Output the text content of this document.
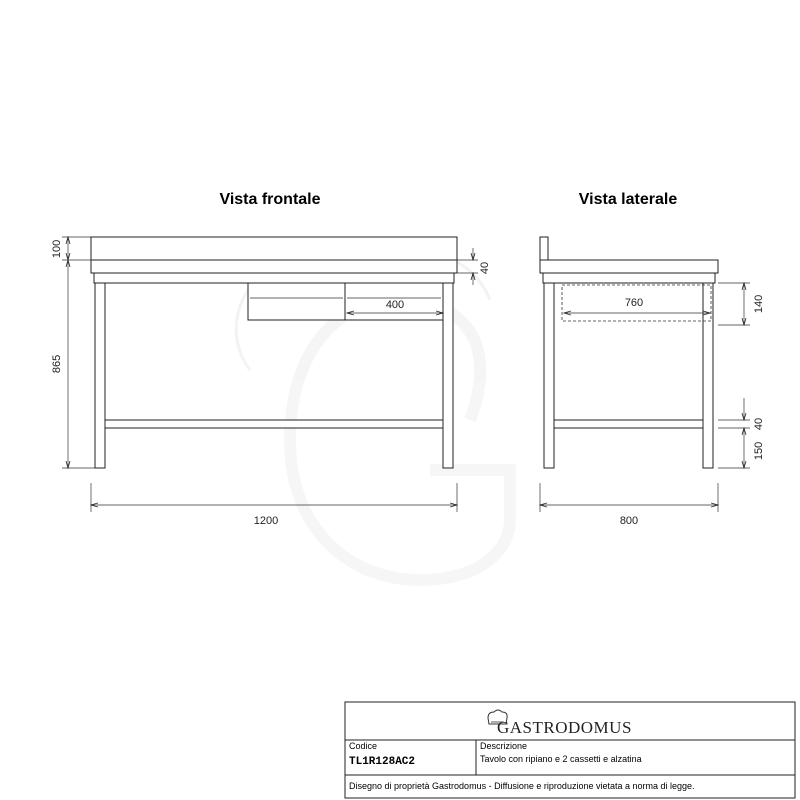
Vista frontale	Vista laterale
400
100
865
40
1200
760	140
40
150
800
GASTRODOMUS
Codice
TL1R128AC2
Descrizione
Tavolo con ripiano e 2 cassetti e alzatina
Disegno di proprietà Gastrodomus - Diffusione e riproduzione vietata a norma di legge.
